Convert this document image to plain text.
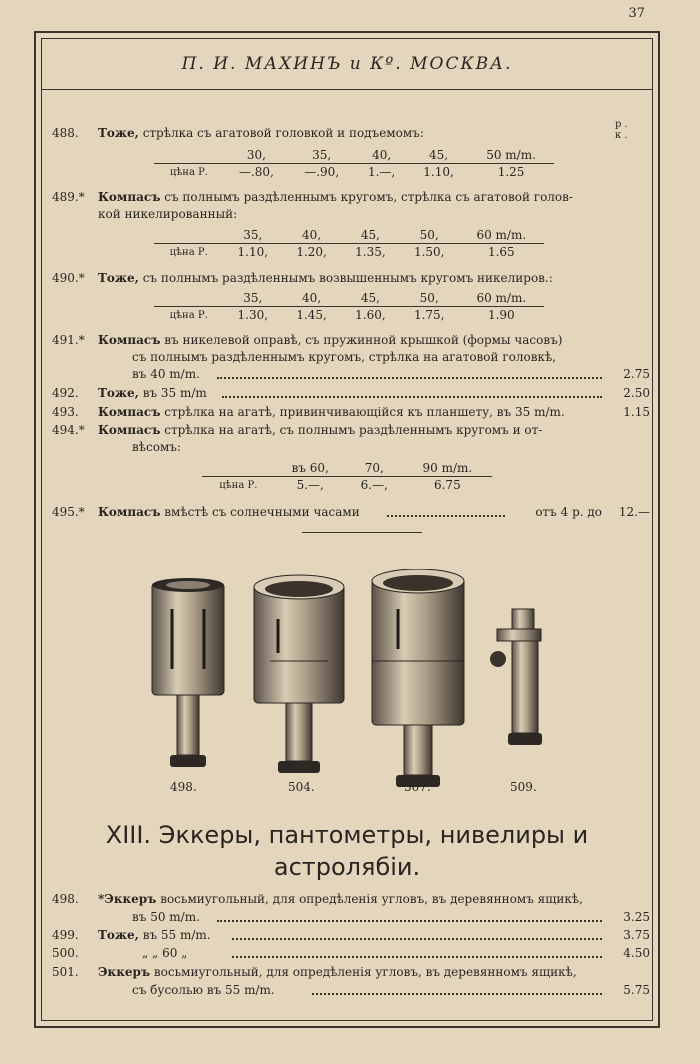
37
П. И. МАХИНЪ и Кº. МОСКВА.
р. к.
488. Тоже, стрѣлка съ агатовой головкой и подъемомъ:
	30,	35,	40,	45,	50 m/m.
цѣна Р.	—.80,	—.90,	1.—,	1.10,	1.25
489.* Компасъ съ полнымъ раздѣленнымъ кругомъ, стрѣлка съ агатовой голов-
кой никелированный:
	35,	40,	45,	50,	60 m/m.
цѣна Р.	1.10,	1.20,	1.35,	1.50,	1.65
490.* Тоже, съ полнымъ раздѣленнымъ возвышеннымъ кругомъ никелиров.:
	35,	40,	45,	50,	60 m/m.
цѣна Р.	1.30,	1.45,	1.60,	1.75,	1.90
491.* Компасъ въ никелевой оправѣ, съ пружинной крышкой (формы часовъ)
съ полнымъ раздѣленнымъ кругомъ, стрѣлка на агатовой головкѣ,
въ 40 m/m.	2.75
492. Тоже, въ 35 m/m	2.50
493. Компасъ стрѣлка на агатѣ, привинчивающійся къ планшету, въ 35 m/m.	1.15
494.* Компасъ стрѣлка на агатѣ, съ полнымъ раздѣленнымъ кругомъ и от-
вѣсомъ:
	въ 60,	70,	90 m/m.
цѣна Р.	5.—,	6.—,	6.75
495.* Компасъ вмѣстѣ съ солнечными часами	отъ 4 р. до 12.—
498.	504.	507.	509.
XIII. Эккеры, пантометры, нивелиры и
астролябіи.
498. *Эккеръ восьмиугольный, для опредѣленія угловъ, въ деревянномъ ящикѣ,
въ 50 m/m.	3.25
499. Тоже, въ 55 m/m.	3.75
500.	„ „ 60 „	4.50
501. Эккеръ восьмиугольный, для опредѣленія угловъ, въ деревянномъ ящикѣ,
съ бусолью въ 55 m/m.	5.75
